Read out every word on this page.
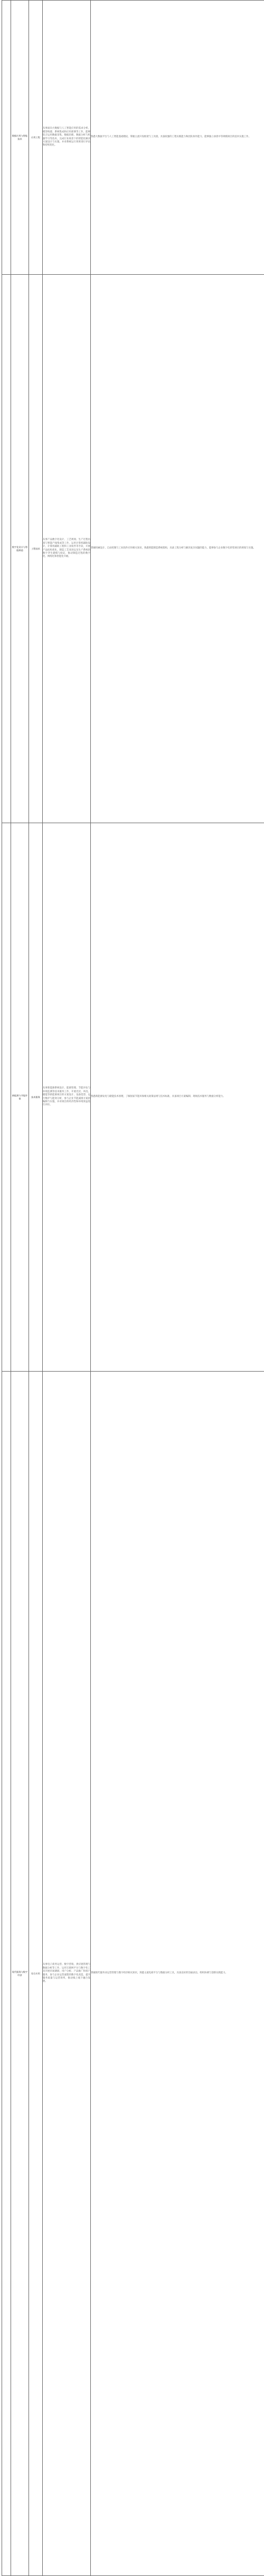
	数据应用与智能技术	应用工程	从事面向大数据与人工智能应用的需求分析、模型构建、系统集成和应用部署等工作，能够综合运用数据采集、数据治理、数据分析与机器学习等技术，完成行业场景下的智能化解决方案设计与实施，并对系统运行效果进行评估和持续优化。	熟悉大数据平台与人工智能基础理论，掌握主流开发框架与工具链，具备较强的工程实践能力和团队协作能力，能够独立承担中等规模项目的技术实施工作。

	数字化设计与智能制造	工程技术	从事产品数字化设计、工艺规划、生产过程仿真与智能产线集成等工作，运用计算机辅助设计、计算机辅助工程和工业软件等手段，开展产品结构优化、制造工艺改进以及生产系统的数字孪生建模与验证，推动制造过程的数字化、网络化和智能化升级。	掌握机械设计、自动控制与工业软件应用相关知识，熟悉智能制造系统架构，具备工程分析与解决复杂问题的能力，能够参与企业数字化转型项目的规划与实施。

	新能源与节能环保	技术服务	从事新能源系统设计、能源管理、节能评估与环境监测等技术服务工作，开展光伏、风电、储能等新能源项目的方案设计、设备选型、运行维护与能效分析，参与企业节能减排方案的编制与实施，并对项目的经济性和环境效益进行评价。	熟悉新能源发电与储能技术原理，了解国家节能环保相关政策法规与技术标准，具备项目方案编制、现场技术服务与数据分析能力。

	现代服务与数字经济	综合应用	从事电子商务运营、数字营销、供应链管理与数据分析等工作，运用互联网平台与数字化工具开展市场调研、用户分析、产品推广和客户服务，参与企业运营流程的数字化改造，提升服务质量与运营效率，推动线上线下融合发展。	掌握现代服务业运营管理与数字经济相关知识，熟悉主流电商平台与数据分析工具，具备良好的沟通表达、组织协调与创新实践能力。
